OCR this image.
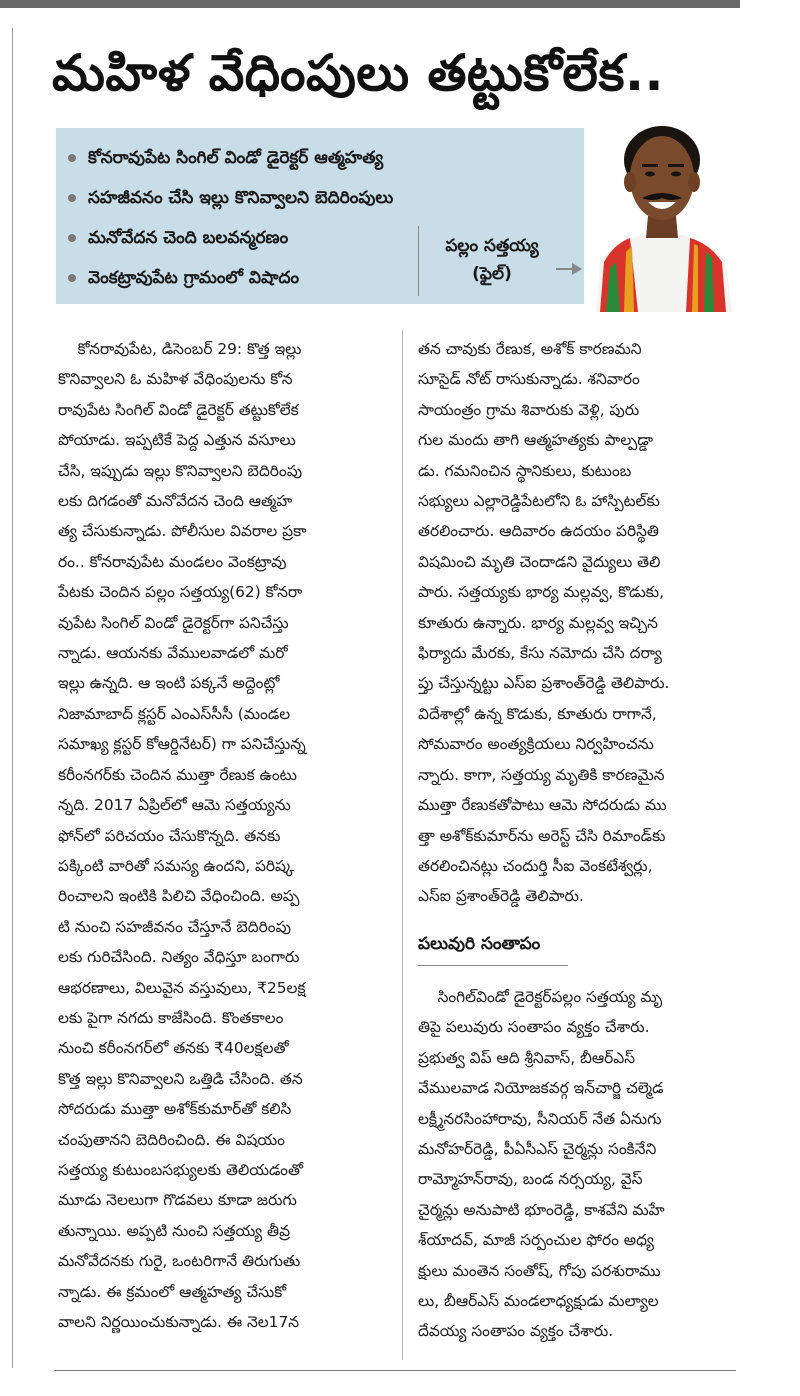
మహిళ వేధింపులు తట్టుకోలేక..
కోనరావుపేట సింగిల్ విండో డైరెక్టర్ ఆత్మహత్య
సహజీవనం చేసి ఇల్లు కొనివ్వాలని బెదిరింపులు
మనోవేదన చెంది బలవన్మరణం
వెంకట్రావుపేట గ్రామంలో విషాదం
పల్లం సత్తయ్య
(ఫైల్)
కోనరావుపేట, డిసెంబర్ 29: కొత్త ఇల్లు
కొనివ్వాలని ఓ మహిళ వేధింపులను కోన
రావుపేట సింగిల్ విండో డైరెక్టర్ తట్టుకోలేక
పోయాడు. ఇప్పటికే పెద్ద ఎత్తున వసూలు
చేసి, ఇప్పుడు ఇల్లు కొనివ్వాలని బెదిరింపు
లకు దిగడంతో మనోవేదన చెంది ఆత్మహ
త్య చేసుకున్నాడు. పోలీసుల వివరాల ప్రకా
రం.. కోనరావుపేట మండలం వెంకట్రావు
పేటకు చెందిన పల్లం సత్తయ్య(62) కోనరా
వుపేట సింగిల్ విండో డైరెక్టర్‌గా పనిచేస్తు
న్నాడు. ఆయనకు వేములవాడలో మరో
ఇల్లు ఉన్నది. ఆ ఇంటి పక్కనే అద్దెంట్లో
నిజామాబాద్ క్లస్టర్ ఎంఎస్‌సీసీ (మండల
సమాఖ్య క్లస్టర్ కోఆర్డినేటర్) గా పనిచేస్తున్న
కరీంనగర్‌కు చెందిన ముత్తా రేణుక ఉంటు
న్నది. 2017 ఏప్రిల్‌లో ఆమె సత్తయ్యను
ఫోన్‌లో పరిచయం చేసుకొన్నది. తనకు
పక్కింటి వారితో సమస్య ఉందని, పరిష్క
రించాలని ఇంటికి పిలిచి వేధించింది. అప్ప
టి నుంచి సహజీవనం చేస్తూనే బెదిరింపు
లకు గురిచేసింది. నిత్యం వేధిస్తూ బంగారు
ఆభరణాలు, విలువైన వస్తువులు, ₹25లక్ష
లకు పైగా నగదు కాజేసింది. కొంతకాలం
నుంచి కరీంనగర్‌లో తనకు ₹40లక్షలతో
కొత్త ఇల్లు కొనివ్వాలని ఒత్తిడి చేసింది. తన
సోదరుడు ముత్తా అశోక్‌కుమార్‌తో కలిసి
చంపుతానని బెదిరించింది. ఈ విషయం
సత్తయ్య కుటుంబసభ్యులకు తెలియడంతో
మూడు నెలలుగా గొడవలు కూడా జరుగు
తున్నాయి. అప్పటి నుంచి సత్తయ్య తీవ్ర
మనోవేదనకు గురై, ఒంటరిగానే తిరుగుతు
న్నాడు. ఈ క్రమంలో ఆత్మహత్య చేసుకో
వాలని నిర్ణయించుకున్నాడు. ఈ నెల17న
తన చావుకు రేణుక, అశోక్ కారణమని
సూసైడ్ నోట్ రాసుకున్నాడు. శనివారం
సాయంత్రం గ్రామ శివారుకు వెళ్లి, పురు
గుల మందు తాగి ఆత్మహత్యకు పాల్పడ్డా
డు. గమనించిన స్థానికులు, కుటుంబ
సభ్యులు ఎల్లారెడ్డిపేటలోని ఓ హాస్పిటల్‌కు
తరలించారు. ఆదివారం ఉదయం పరిస్థితి
విషమించి మృతి చెందాడని వైద్యులు తెలి
పారు. సత్తయ్యకు భార్య మల్లవ్వ, కొడుకు,
కూతురు ఉన్నారు. భార్య మల్లవ్వ ఇచ్చిన
ఫిర్యాదు మేరకు, కేసు నమోదు చేసి దర్యా
ప్తు చేస్తున్నట్టు ఎస్‌ఐ ప్రశాంత్‌రెడ్డి తెలిపారు.
విదేశాల్లో ఉన్న కొడుకు, కూతురు రాగానే,
సోమవారం అంత్యక్రియలు నిర్వహించను
న్నారు. కాగా, సత్తయ్య మృతికి కారణమైన
ముత్తా రేణుకతోపాటు ఆమె సోదరుడు ము
త్తా అశోక్‌కుమార్‌ను అరెస్ట్ చేసి రిమాండ్‌కు
తరలించినట్లు చందుర్తి సీఐ వెంకటేశ్వర్లు,
ఎస్‌ఐ ప్రశాంత్‌రెడ్డి తెలిపారు.
పలువురి సంతాపం
సింగిల్‌విండో డైరెక్టర్‌పల్లం సత్తయ్య మృ
తిపై పలువురు సంతాపం వ్యక్తం చేశారు.
ప్రభుత్వ విప్ ఆది శ్రీనివాస్, బీఆర్‌ఎస్
వేములవాడ నియోజకవర్గ ఇన్‌చార్జి చల్మెడ
లక్ష్మీనరసింహారావు, సీనియర్ నేత ఏనుగు
మనోహర్‌రెడ్డి, పీఏసీఎస్ చైర్మన్లు సంకినేని
రామ్మోహన్‌రావు, బండ నర్సయ్య, వైస్
చైర్మన్లు అనుపాటి భూంరెడ్డి, కాశవేని మహే
శ్‌యాదవ్, మాజీ సర్పంచుల ఫోరం అధ్య
క్షులు మంతెన సంతోష్, గోపు పరశురాము
లు, బీఆర్‌ఎస్ మండలాధ్యక్షుడు మల్యాల
దేవయ్య సంతాపం వ్యక్తం చేశారు.
